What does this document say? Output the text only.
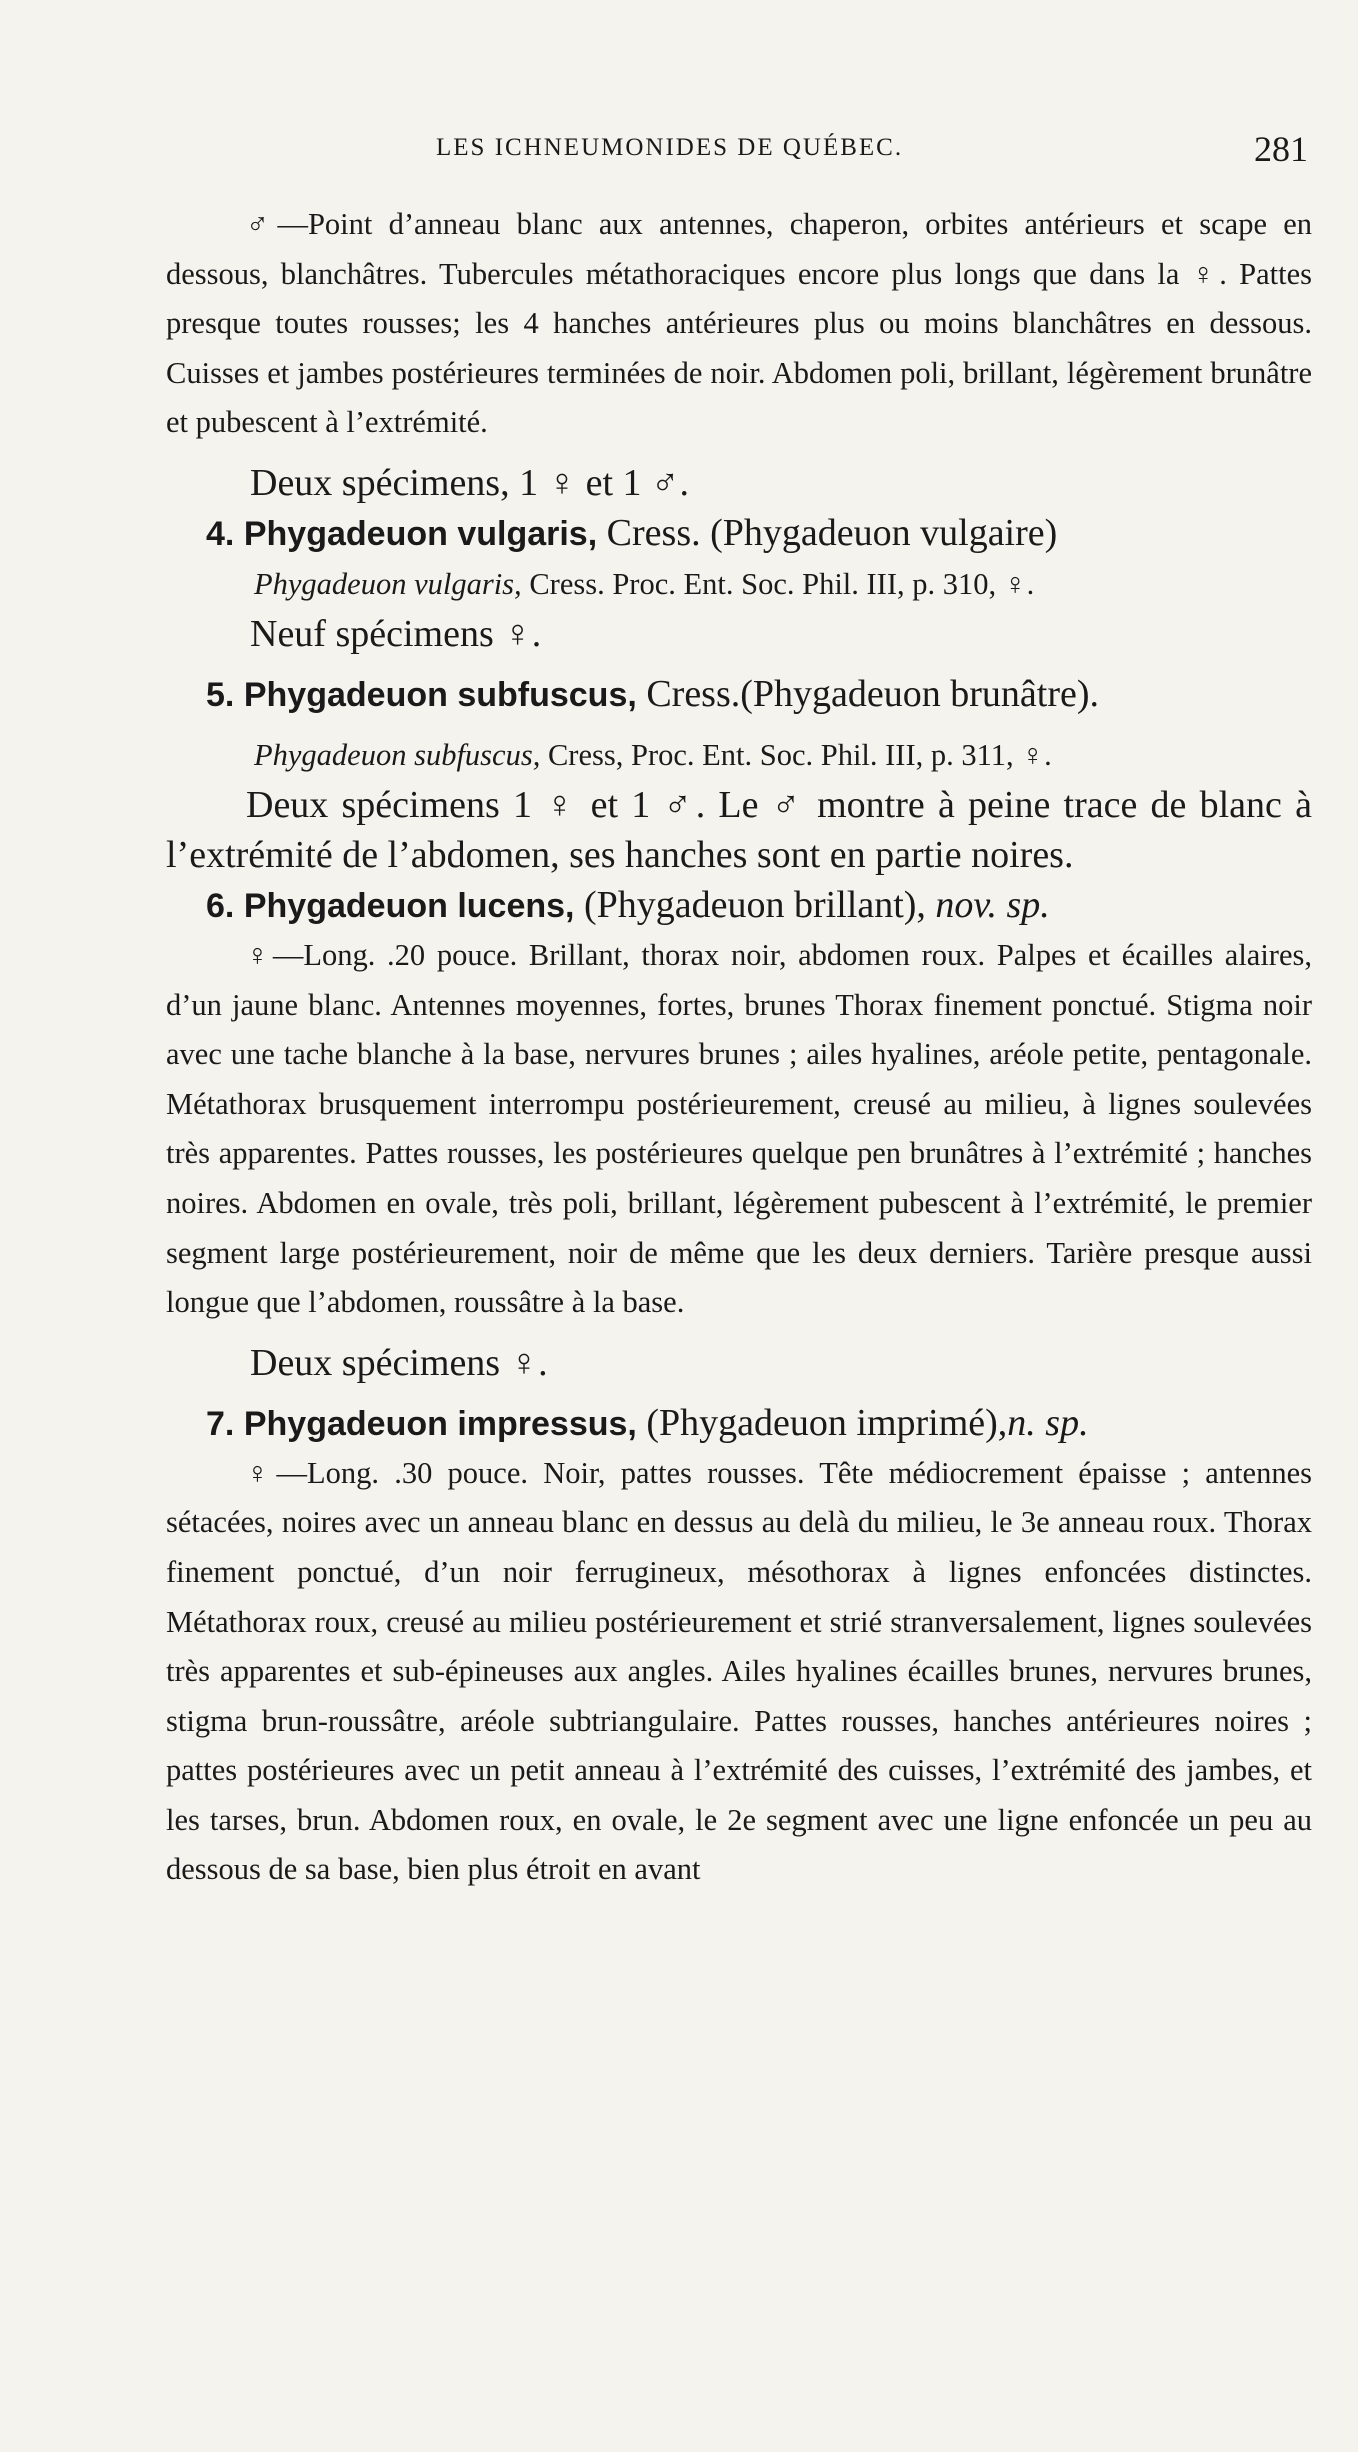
LES ICHNEUMONIDES DE QUÉBEC.	281

♂—Point d’anneau blanc aux antennes, chaperon, orbites antérieurs et scape en dessous, blanchâtres. Tubercules métathoraciques encore plus longs que dans la ♀. Pattes presque toutes rousses; les 4 hanches antérieures plus ou moins blanchâtres en dessous. Cuisses et jambes postérieures terminées de noir. Abdomen poli, brillant, légèrement brunâtre et pubescent à l’extrémité.

Deux spécimens, 1 ♀ et 1 ♂.

4. Phygadeuon vulgaris, Cress. (Phygadeuon vulgaire)

Phygadeuon vulgaris, Cress. Proc. Ent. Soc. Phil. III, p. 310, ♀.

Neuf spécimens ♀.

5. Phygadeuon subfuscus, Cress.(Phygadeuon brunâtre).

Phygadeuon subfuscus, Cress, Proc. Ent. Soc. Phil. III, p. 311, ♀.

Deux spécimens 1 ♀ et 1 ♂. Le ♂ montre à peine trace de blanc à l’extrémité de l’abdomen, ses hanches sont en partie noires.

6. Phygadeuon lucens, (Phygadeuon brillant), nov. sp.

♀—Long. .20 pouce. Brillant, thorax noir, abdomen roux. Palpes et écailles alaires, d’un jaune blanc. Antennes moyennes, fortes, brunes Thorax finement ponctué. Stigma noir avec une tache blanche à la base, nervures brunes ; ailes hyalines, aréole petite, pentagonale. Métathorax brusquement interrompu postérieurement, creusé au milieu, à lignes soulevées très apparentes. Pattes rousses, les postérieures quelque pen brunâtres à l’extrémité ; hanches noires. Abdomen en ovale, très poli, brillant, légèrement pubescent à l’extrémité, le premier segment large postérieurement, noir de même que les deux derniers. Tarière presque aussi longue que l’abdomen, roussâtre à la base.

Deux spécimens ♀.

7. Phygadeuon impressus, (Phygadeuon imprimé),n. sp.

♀—Long. .30 pouce. Noir, pattes rousses. Tête médiocrement épaisse ; antennes sétacées, noires avec un anneau blanc en dessus au delà du milieu, le 3e anneau roux. Thorax finement ponctué, d’un noir ferrugineux, mésothorax à lignes enfoncées distinctes. Métathorax roux, creusé au milieu postérieurement et strié stranversalement, lignes soulevées très apparentes et sub-épineuses aux angles. Ailes hyalines écailles brunes, nervures brunes, stigma brun-roussâtre, aréole subtriangulaire. Pattes rousses, hanches antérieures noires ; pattes postérieures avec un petit anneau à l’extrémité des cuisses, l’extrémité des jambes, et les tarses, brun. Abdomen roux, en ovale, le 2e segment avec une ligne enfoncée un peu au dessous de sa base, bien plus étroit en avant
